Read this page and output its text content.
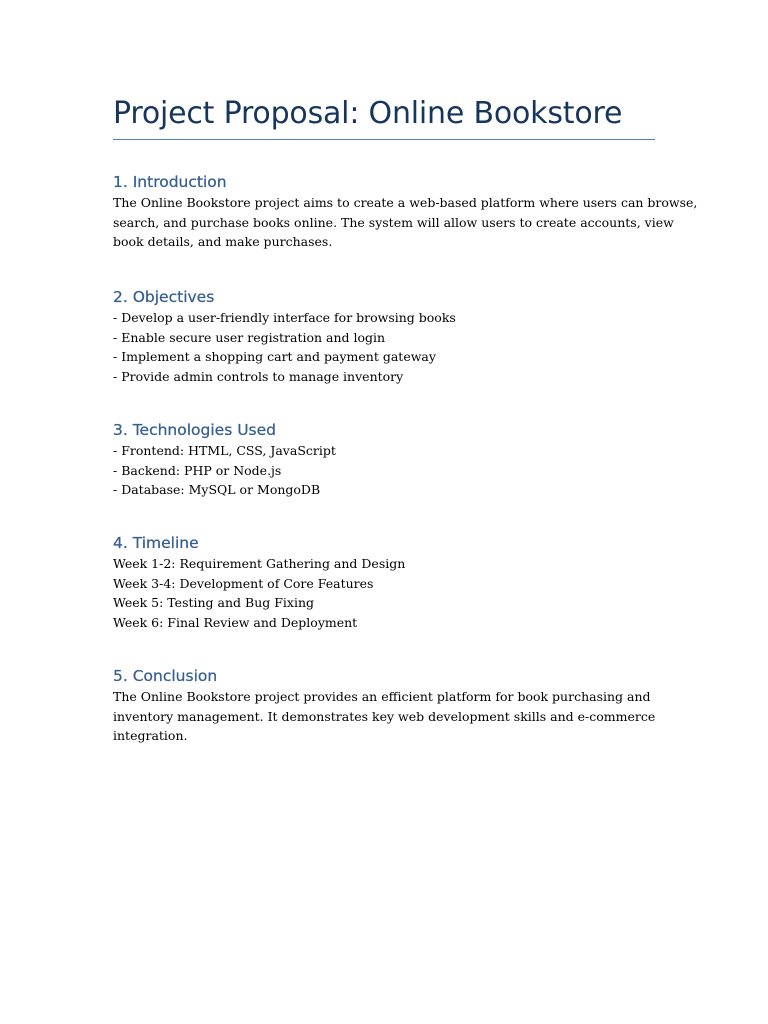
Project Proposal: Online Bookstore
1. Introduction
The Online Bookstore project aims to create a web-based platform where users can browse,
search, and purchase books online. The system will allow users to create accounts, view
book details, and make purchases.
2. Objectives
- Develop a user-friendly interface for browsing books
- Enable secure user registration and login
- Implement a shopping cart and payment gateway
- Provide admin controls to manage inventory
3. Technologies Used
- Frontend: HTML, CSS, JavaScript
- Backend: PHP or Node.js
- Database: MySQL or MongoDB
4. Timeline
Week 1-2: Requirement Gathering and Design
Week 3-4: Development of Core Features
Week 5: Testing and Bug Fixing
Week 6: Final Review and Deployment
5. Conclusion
The Online Bookstore project provides an efficient platform for book purchasing and
inventory management. It demonstrates key web development skills and e-commerce
integration.
